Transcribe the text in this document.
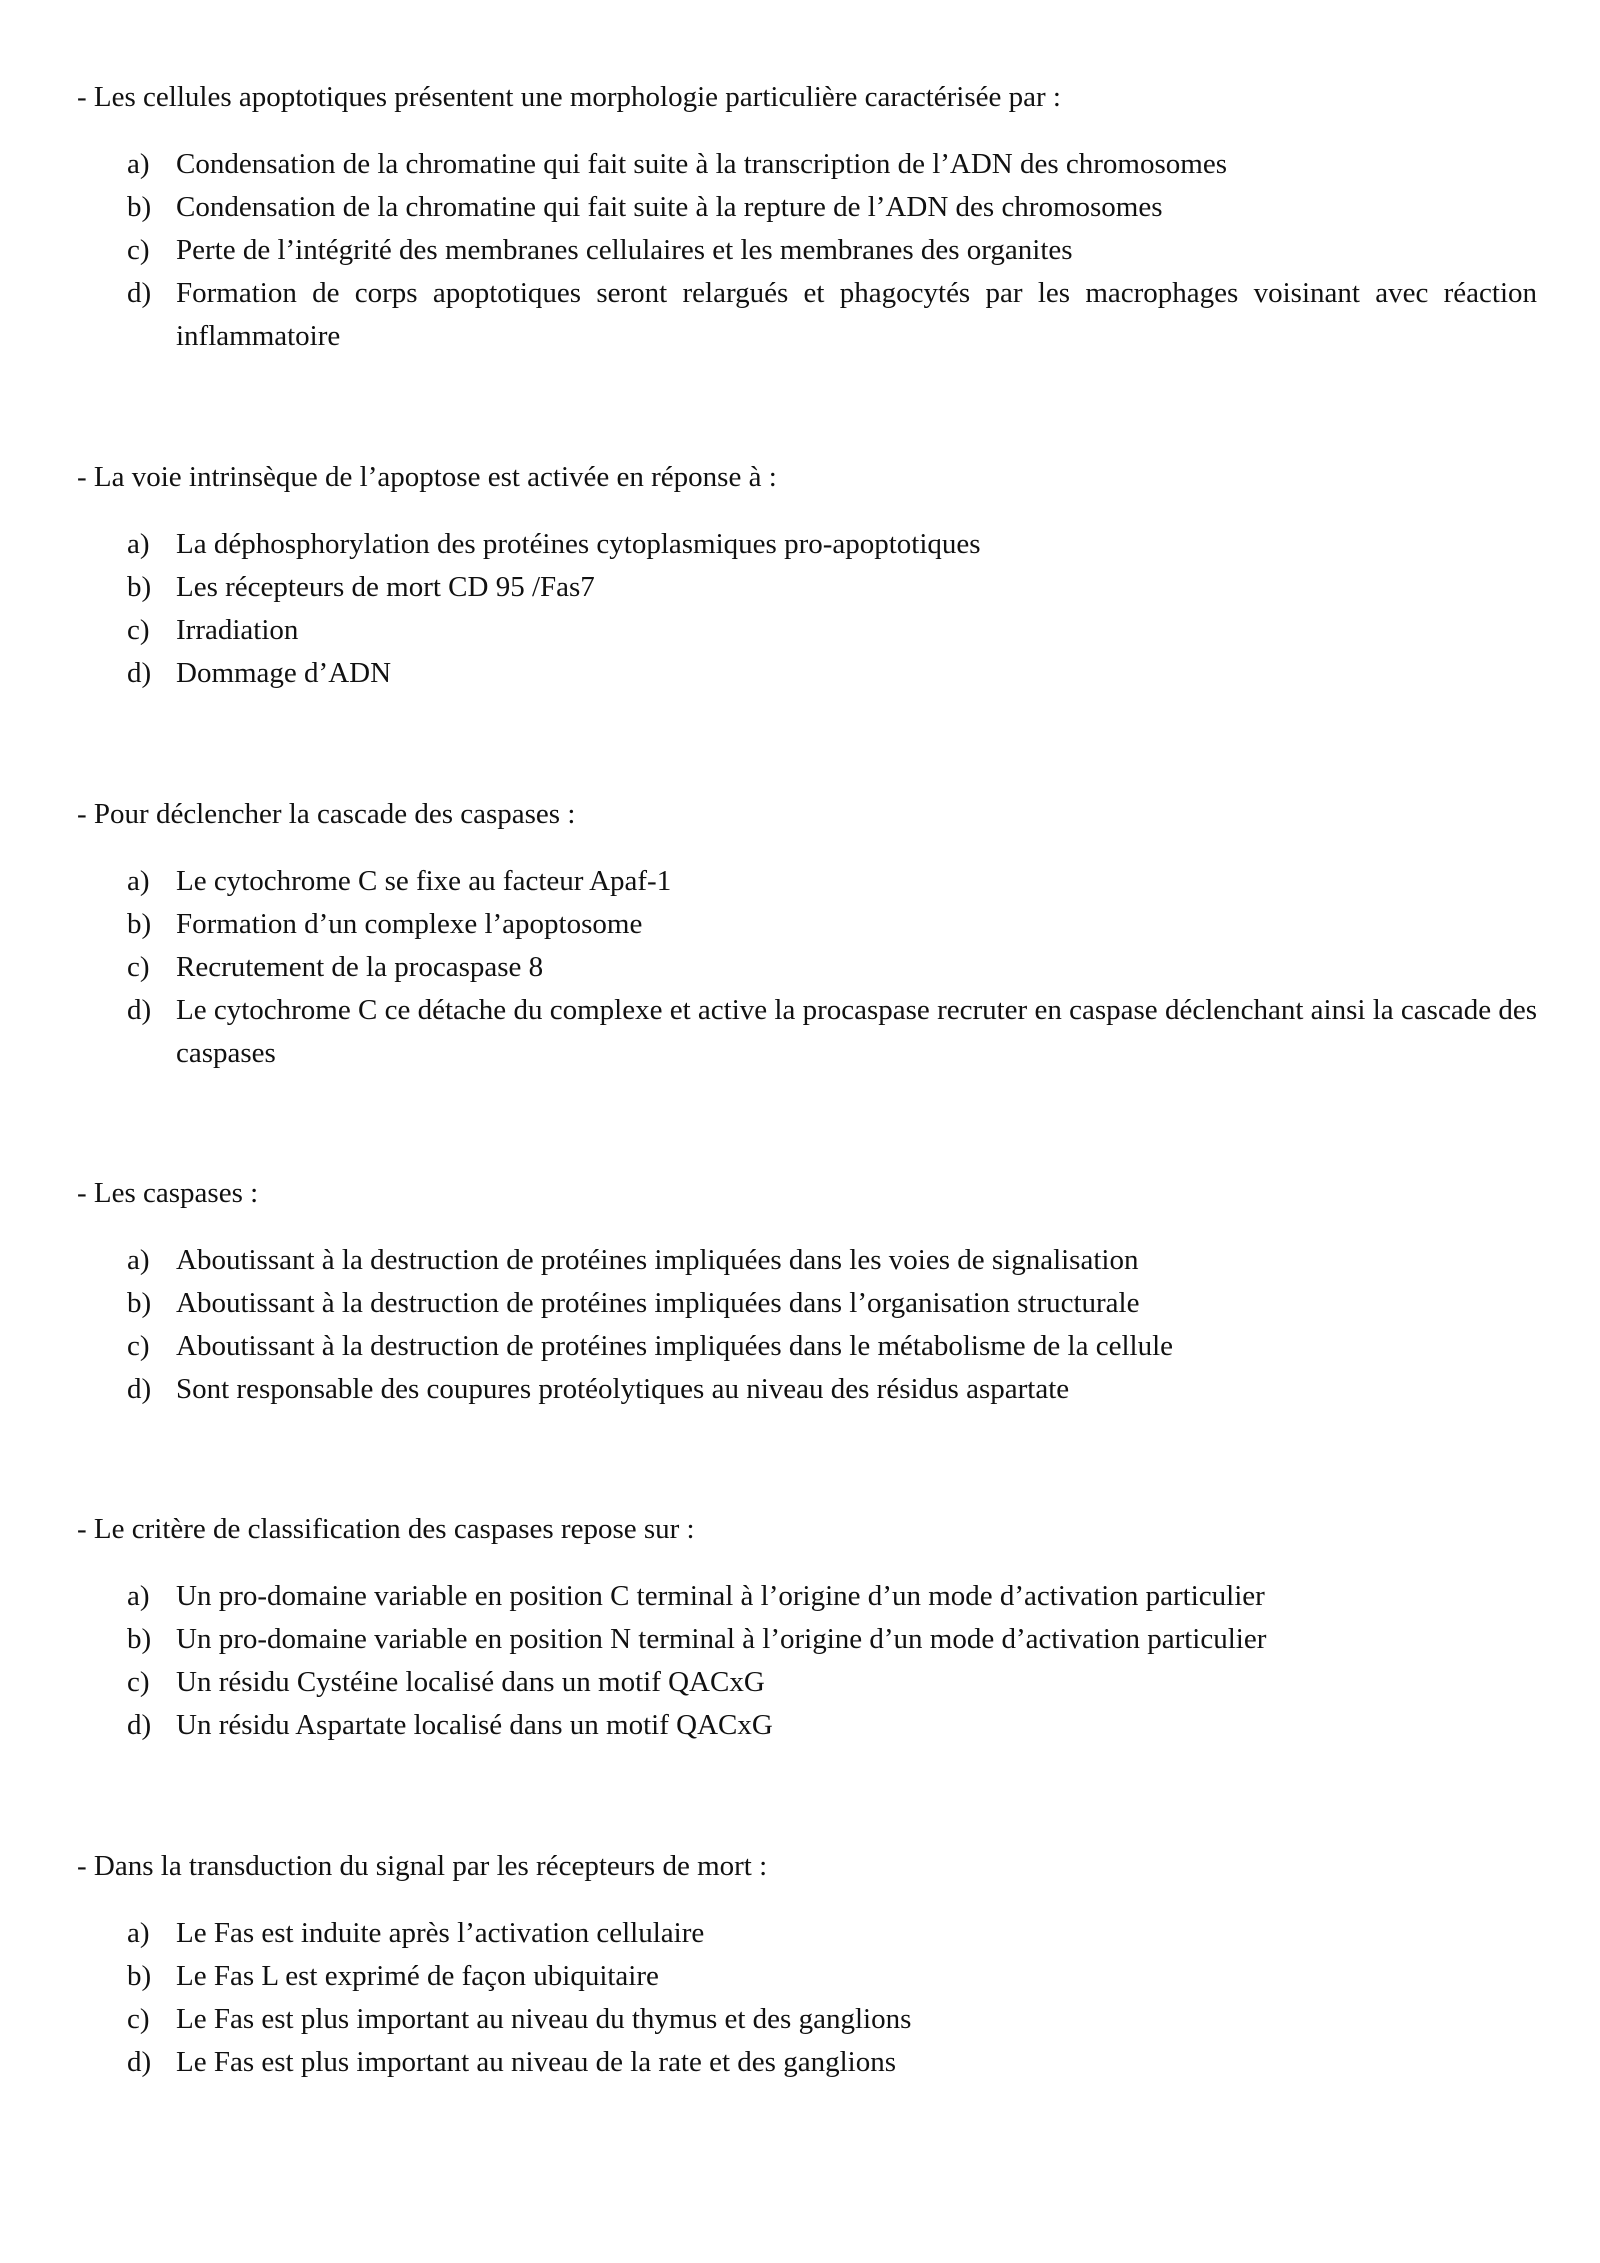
- Les cellules apoptotiques présentent une morphologie particulière caractérisée par :

a) Condensation de la chromatine qui fait suite à la transcription de l’ADN des chromosomes
b) Condensation de la chromatine qui fait suite à la repture de l’ADN des chromosomes
c) Perte de l’intégrité des membranes cellulaires et les membranes des organites
d) Formation de corps apoptotiques seront relargués et phagocytés par les macrophages voisinant avec réaction inflammatoire

- La voie intrinsèque de l’apoptose est activée en réponse à :

a) La déphosphorylation des protéines cytoplasmiques pro-apoptotiques
b) Les récepteurs de mort CD 95 /Fas7
c) Irradiation
d) Dommage d’ADN

- Pour déclencher la cascade des caspases :

a) Le cytochrome C se fixe au facteur Apaf-1
b) Formation d’un complexe l’apoptosome
c) Recrutement de la procaspase 8
d) Le cytochrome C ce détache du complexe et active la procaspase recruter en caspase déclenchant ainsi la cascade des caspases

- Les caspases :

a) Aboutissant à la destruction de protéines impliquées dans les voies de signalisation
b) Aboutissant à la destruction de protéines impliquées dans l’organisation structurale
c) Aboutissant à la destruction de protéines impliquées dans le métabolisme de la cellule
d) Sont responsable des coupures protéolytiques au niveau des résidus aspartate

- Le critère de classification des caspases repose sur :

a) Un pro-domaine variable en position C terminal à l’origine d’un mode d’activation particulier
b) Un pro-domaine variable en position N terminal à l’origine d’un mode d’activation particulier
c) Un résidu Cystéine localisé dans un motif QACxG
d) Un résidu Aspartate localisé dans un motif QACxG

- Dans la transduction du signal par les récepteurs de mort :

a) Le Fas est induite après l’activation cellulaire
b) Le Fas L est exprimé de façon ubiquitaire
c) Le Fas est plus important au niveau du thymus et des ganglions
d) Le Fas est plus important au niveau de la rate et des ganglions
